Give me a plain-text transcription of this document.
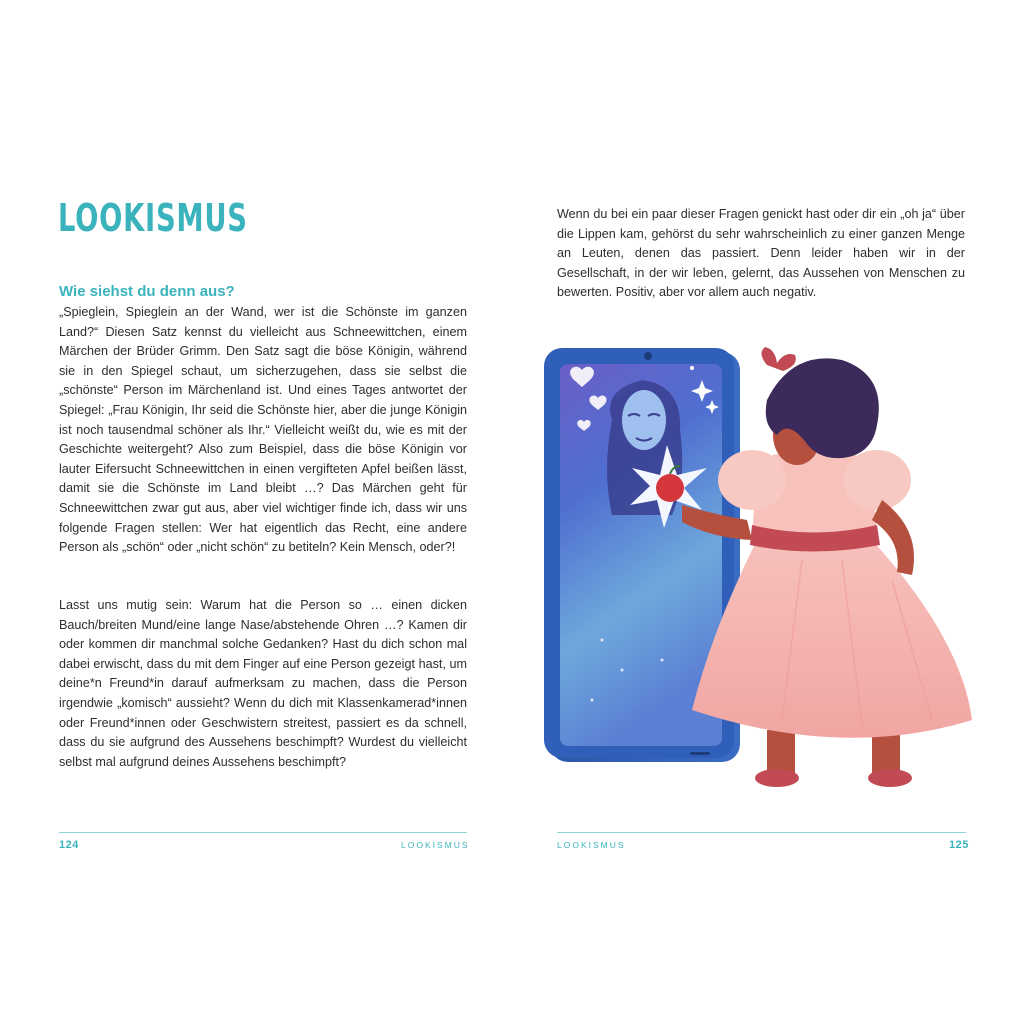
LOOKISMUS
Wie siehst du denn aus?

„Spieglein, Spieglein an der Wand, wer ist die Schönste im ganzen Land?“ Diesen Satz kennst du vielleicht aus Schneewittchen, einem Märchen der Brüder Grimm. Den Satz sagt die böse Königin, während sie in den Spiegel schaut, um sicherzugehen, dass sie selbst die „schönste“ Person im Märchenland ist. Und eines Tages antwortet der Spiegel: „Frau Königin, Ihr seid die Schönste hier, aber die junge Königin ist noch tausendmal schöner als Ihr.“ Vielleicht weißt du, wie es mit der Geschichte weitergeht? Also zum Beispiel, dass die böse Königin vor lauter Eifersucht Schneewittchen in einen vergifteten Apfel beißen lässt, damit sie die Schönste im Land bleibt …? Das Märchen geht für Schneewittchen zwar gut aus, aber viel wichtiger finde ich, dass wir uns folgende Fragen stellen: Wer hat eigentlich das Recht, eine andere Person als „schön“ oder „nicht schön“ zu betiteln? Kein Mensch, oder?!

Lasst uns mutig sein: Warum hat die Person so … einen dicken Bauch/breiten Mund/eine lange Nase/abstehende Ohren …? Kamen dir oder kommen dir manchmal solche Gedanken? Hast du dich schon mal dabei erwischt, dass du mit dem Finger auf eine Person gezeigt hast, um deine*n Freund*in darauf aufmerksam zu machen, dass die Person irgendwie „komisch“ aussieht? Wenn du dich mit Klassenkamerad*innen oder Freund*innen oder Geschwistern streitest, passiert es da schnell, dass du sie aufgrund des Aussehens beschimpft? Wurdest du vielleicht selbst mal aufgrund deines Aussehens beschimpft?

124	LOOKISMUS

Wenn du bei ein paar dieser Fragen genickt hast oder dir ein „oh ja“ über die Lippen kam, gehörst du sehr wahrscheinlich zu einer ganzen Menge an Leuten, denen das passiert. Denn leider haben wir in der Gesellschaft, in der wir leben, gelernt, das Aussehen von Menschen zu bewerten. Positiv, aber vor allem auch negativ.

LOOKISMUS	125
